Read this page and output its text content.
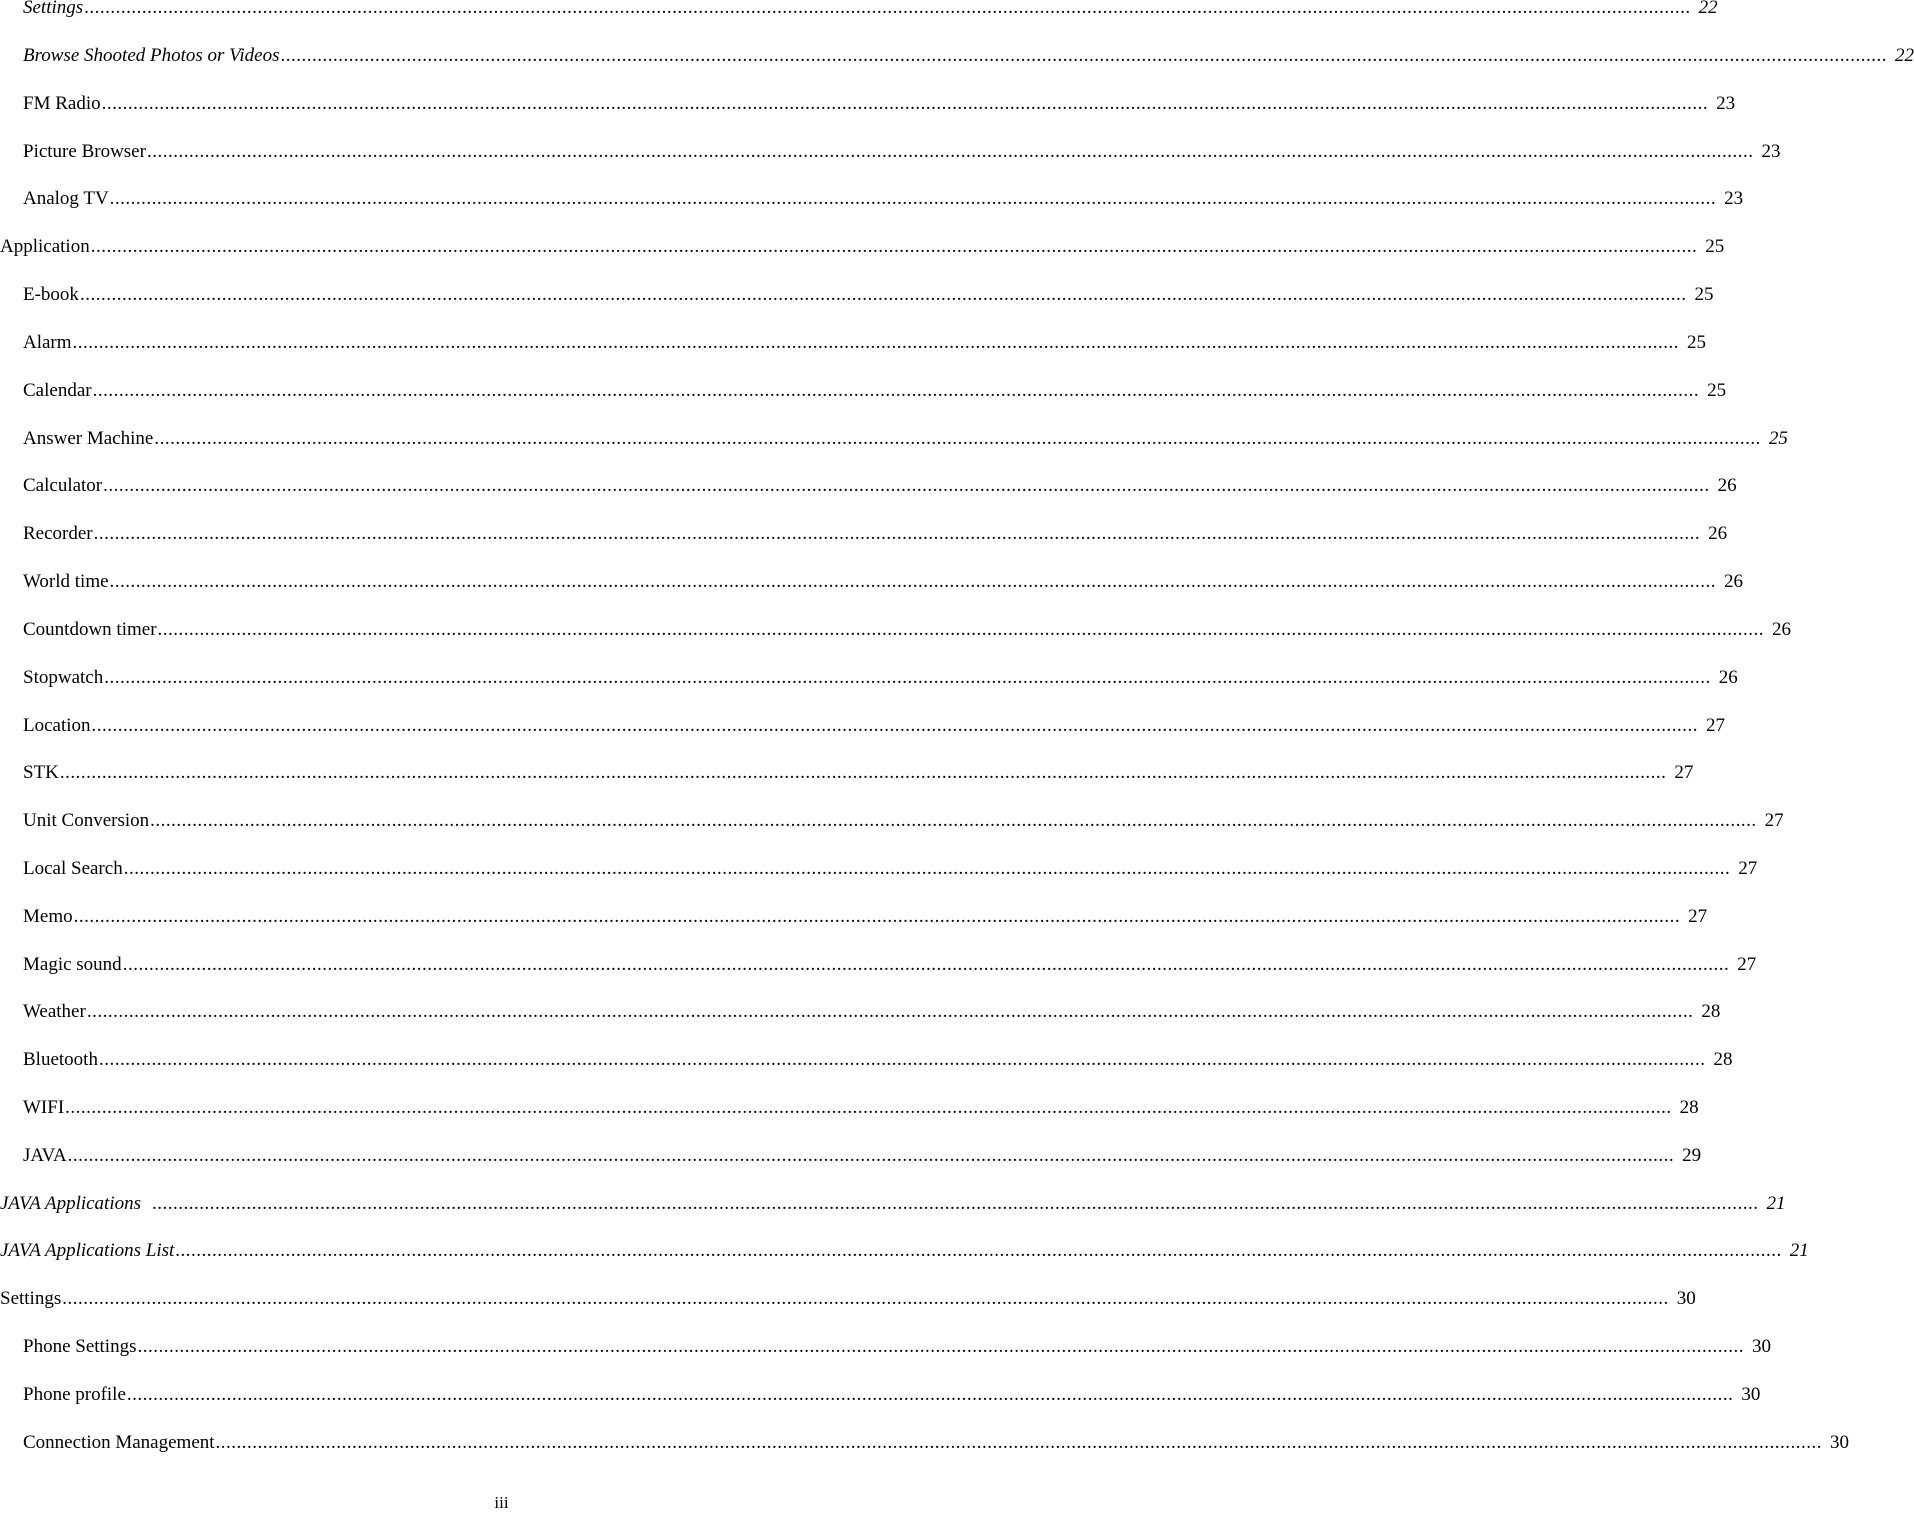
Settings .....	22
Browse Shooted Photos or Videos .....	22
FM Radio .....	23
Picture Browser .....	23
Analog TV .....	23
Application .....	25
E-book .....	25
Alarm .....	25
Calendar .....	25
Answer Machine .....	25
Calculator .....	26
Recorder .....	26
World time .....	26
Countdown timer .....	26
Stopwatch .....	26
Location .....	27
STK .....	27
Unit Conversion .....	27
Local Search .....	27
Memo .....	27
Magic sound .....	27
Weather .....	28
Bluetooth .....	28
WIFI .....	28
JAVA .....	29
JAVA Applications .....	21
JAVA Applications List .....	21
Settings .....	30
Phone Settings .....	30
Phone profile .....	30
Connection Management .....	30
iii
